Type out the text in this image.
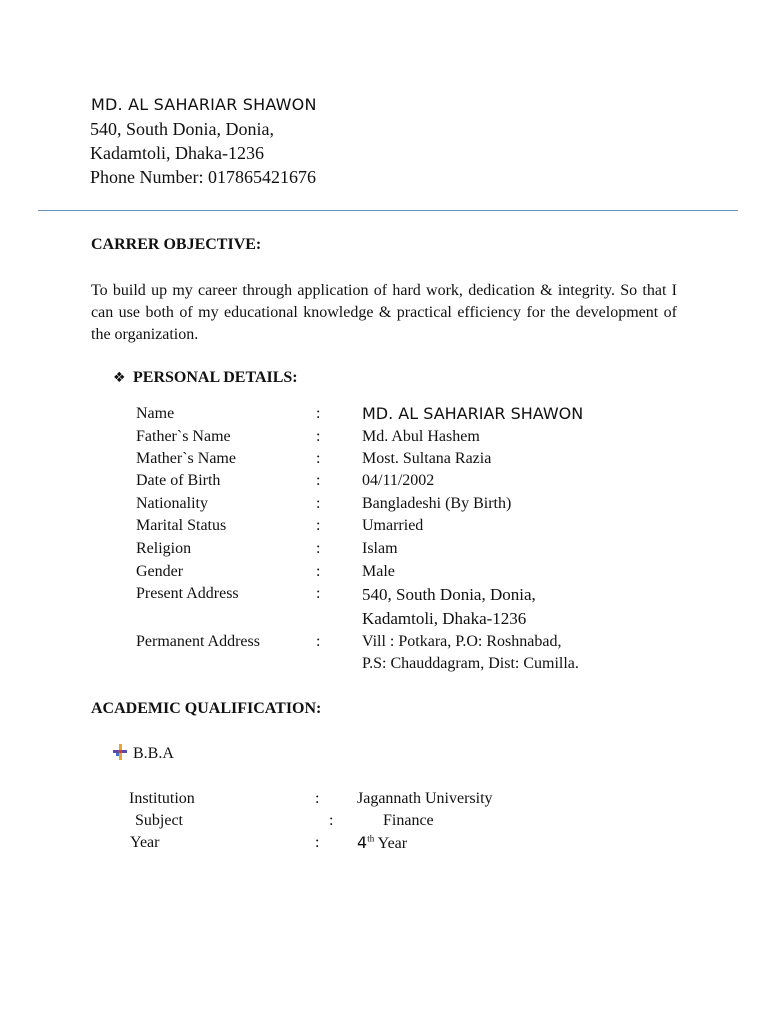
MD. AL SAHARIAR SHAWON
540, South Donia, Donia,
Kadamtoli, Dhaka-1236
Phone Number: 017865421676
CARRER OBJECTIVE:
To build up my career through application of hard work, dedication & integrity. So that I can use both of my educational knowledge & practical efficiency for the development of the organization.
❖ PERSONAL DETAILS:
Name	:	MD. AL SAHARIAR SHAWON
Father`s Name	:	Md. Abul Hashem
Mather`s Name	:	Most. Sultana Razia
Date of Birth	:	04/11/2002
Nationality	:	Bangladeshi (By Birth)
Marital Status	:	Umarried
Religion	:	Islam
Gender	:	Male
Present Address	: 540, South Donia, Donia,
Kadamtoli, Dhaka-1236
Permanent Address	:	Vill : Potkara, P.O: Roshnabad,
P.S: Chauddagram, Dist: Cumilla.
ACADEMIC QUALIFICATION:
B.B.A
Institution	: Jagannath University
Subject	:	Finance
Year	: 4th Year
